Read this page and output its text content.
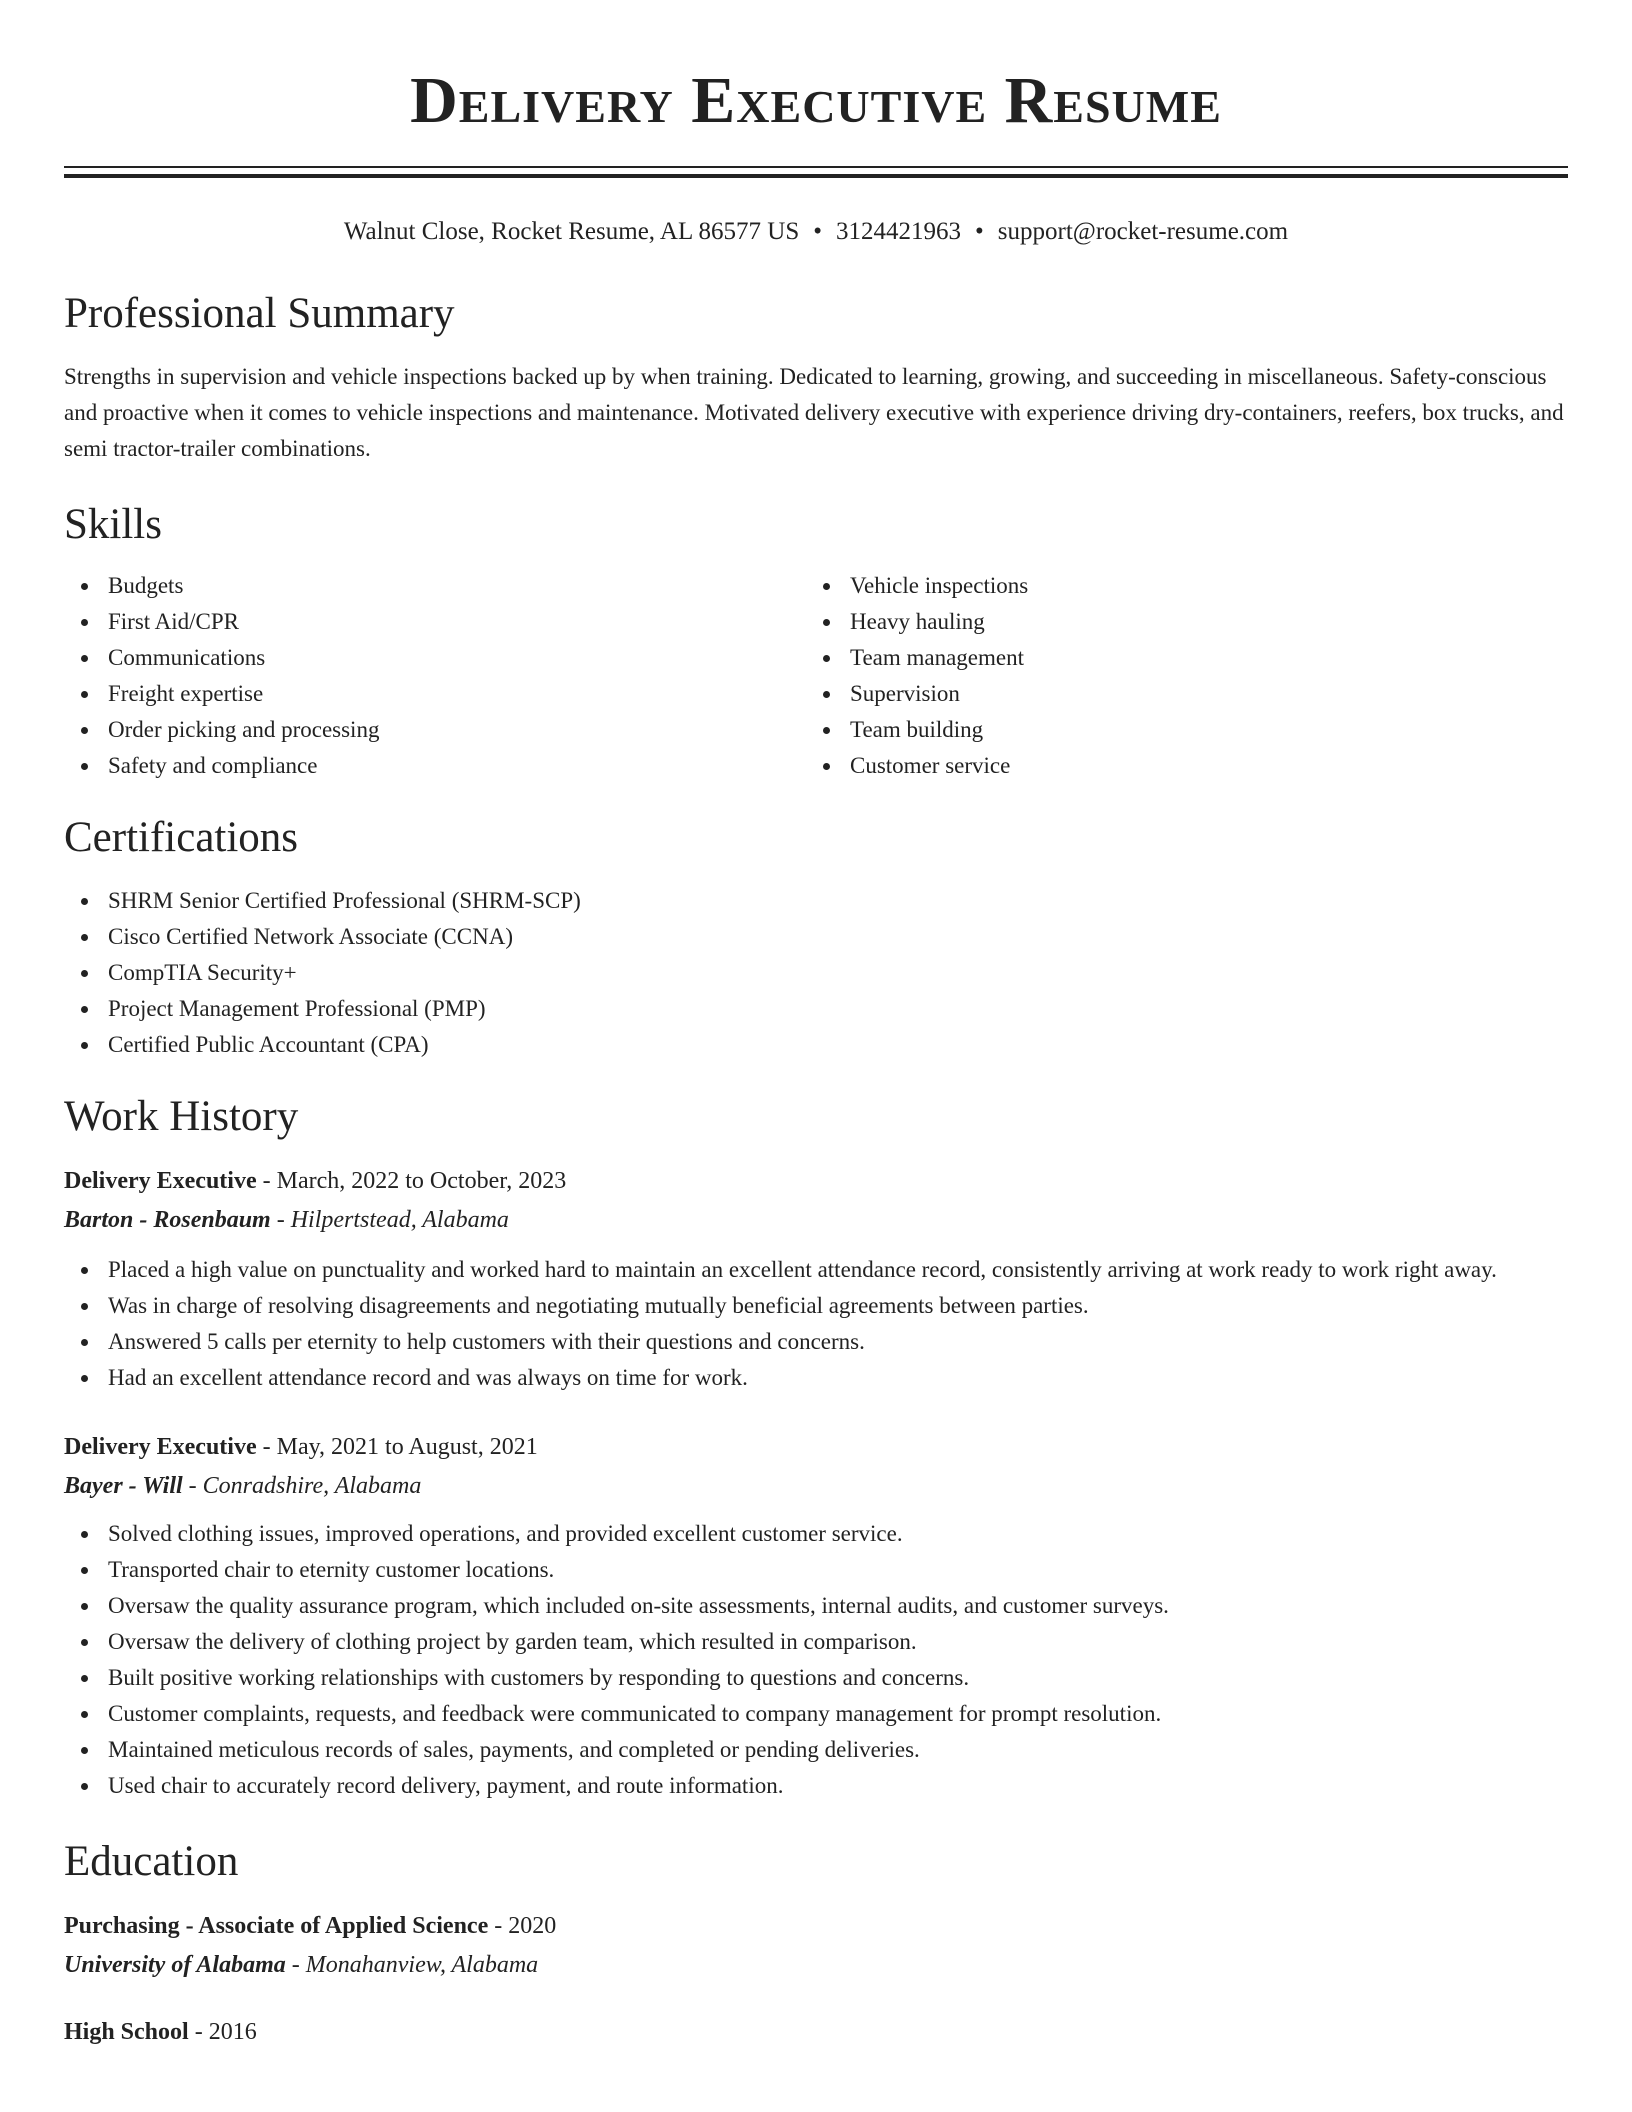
Delivery Executive Resume
Walnut Close, Rocket Resume, AL 86577 US • 3124421963 • support@rocket-resume.com
Professional Summary

Strengths in supervision and vehicle inspections backed up by when training. Dedicated to learning, growing, and succeeding in miscellaneous. Safety-conscious and proactive when it comes to vehicle inspections and maintenance. Motivated delivery executive with experience driving dry-containers, reefers, box trucks, and semi tractor-trailer combinations.

Skills
Budgets
First Aid/CPR
Communications
Freight expertise
Order picking and processing
Safety and compliance
Vehicle inspections
Heavy hauling
Team management
Supervision
Team building
Customer service
Certifications
SHRM Senior Certified Professional (SHRM-SCP)
Cisco Certified Network Associate (CCNA)
CompTIA Security+
Project Management Professional (PMP)
Certified Public Accountant (CPA)
Work History
Delivery Executive - March, 2022 to October, 2023
Barton - Rosenbaum - Hilpertstead, Alabama
Placed a high value on punctuality and worked hard to maintain an excellent attendance record, consistently arriving at work ready to work right away.
Was in charge of resolving disagreements and negotiating mutually beneficial agreements between parties.
Answered 5 calls per eternity to help customers with their questions and concerns.
Had an excellent attendance record and was always on time for work.
Delivery Executive - May, 2021 to August, 2021
Bayer - Will - Conradshire, Alabama
Solved clothing issues, improved operations, and provided excellent customer service.
Transported chair to eternity customer locations.
Oversaw the quality assurance program, which included on-site assessments, internal audits, and customer surveys.
Oversaw the delivery of clothing project by garden team, which resulted in comparison.
Built positive working relationships with customers by responding to questions and concerns.
Customer complaints, requests, and feedback were communicated to company management for prompt resolution.
Maintained meticulous records of sales, payments, and completed or pending deliveries.
Used chair to accurately record delivery, payment, and route information.
Education
Purchasing - Associate of Applied Science - 2020
University of Alabama - Monahanview, Alabama
High School - 2016
